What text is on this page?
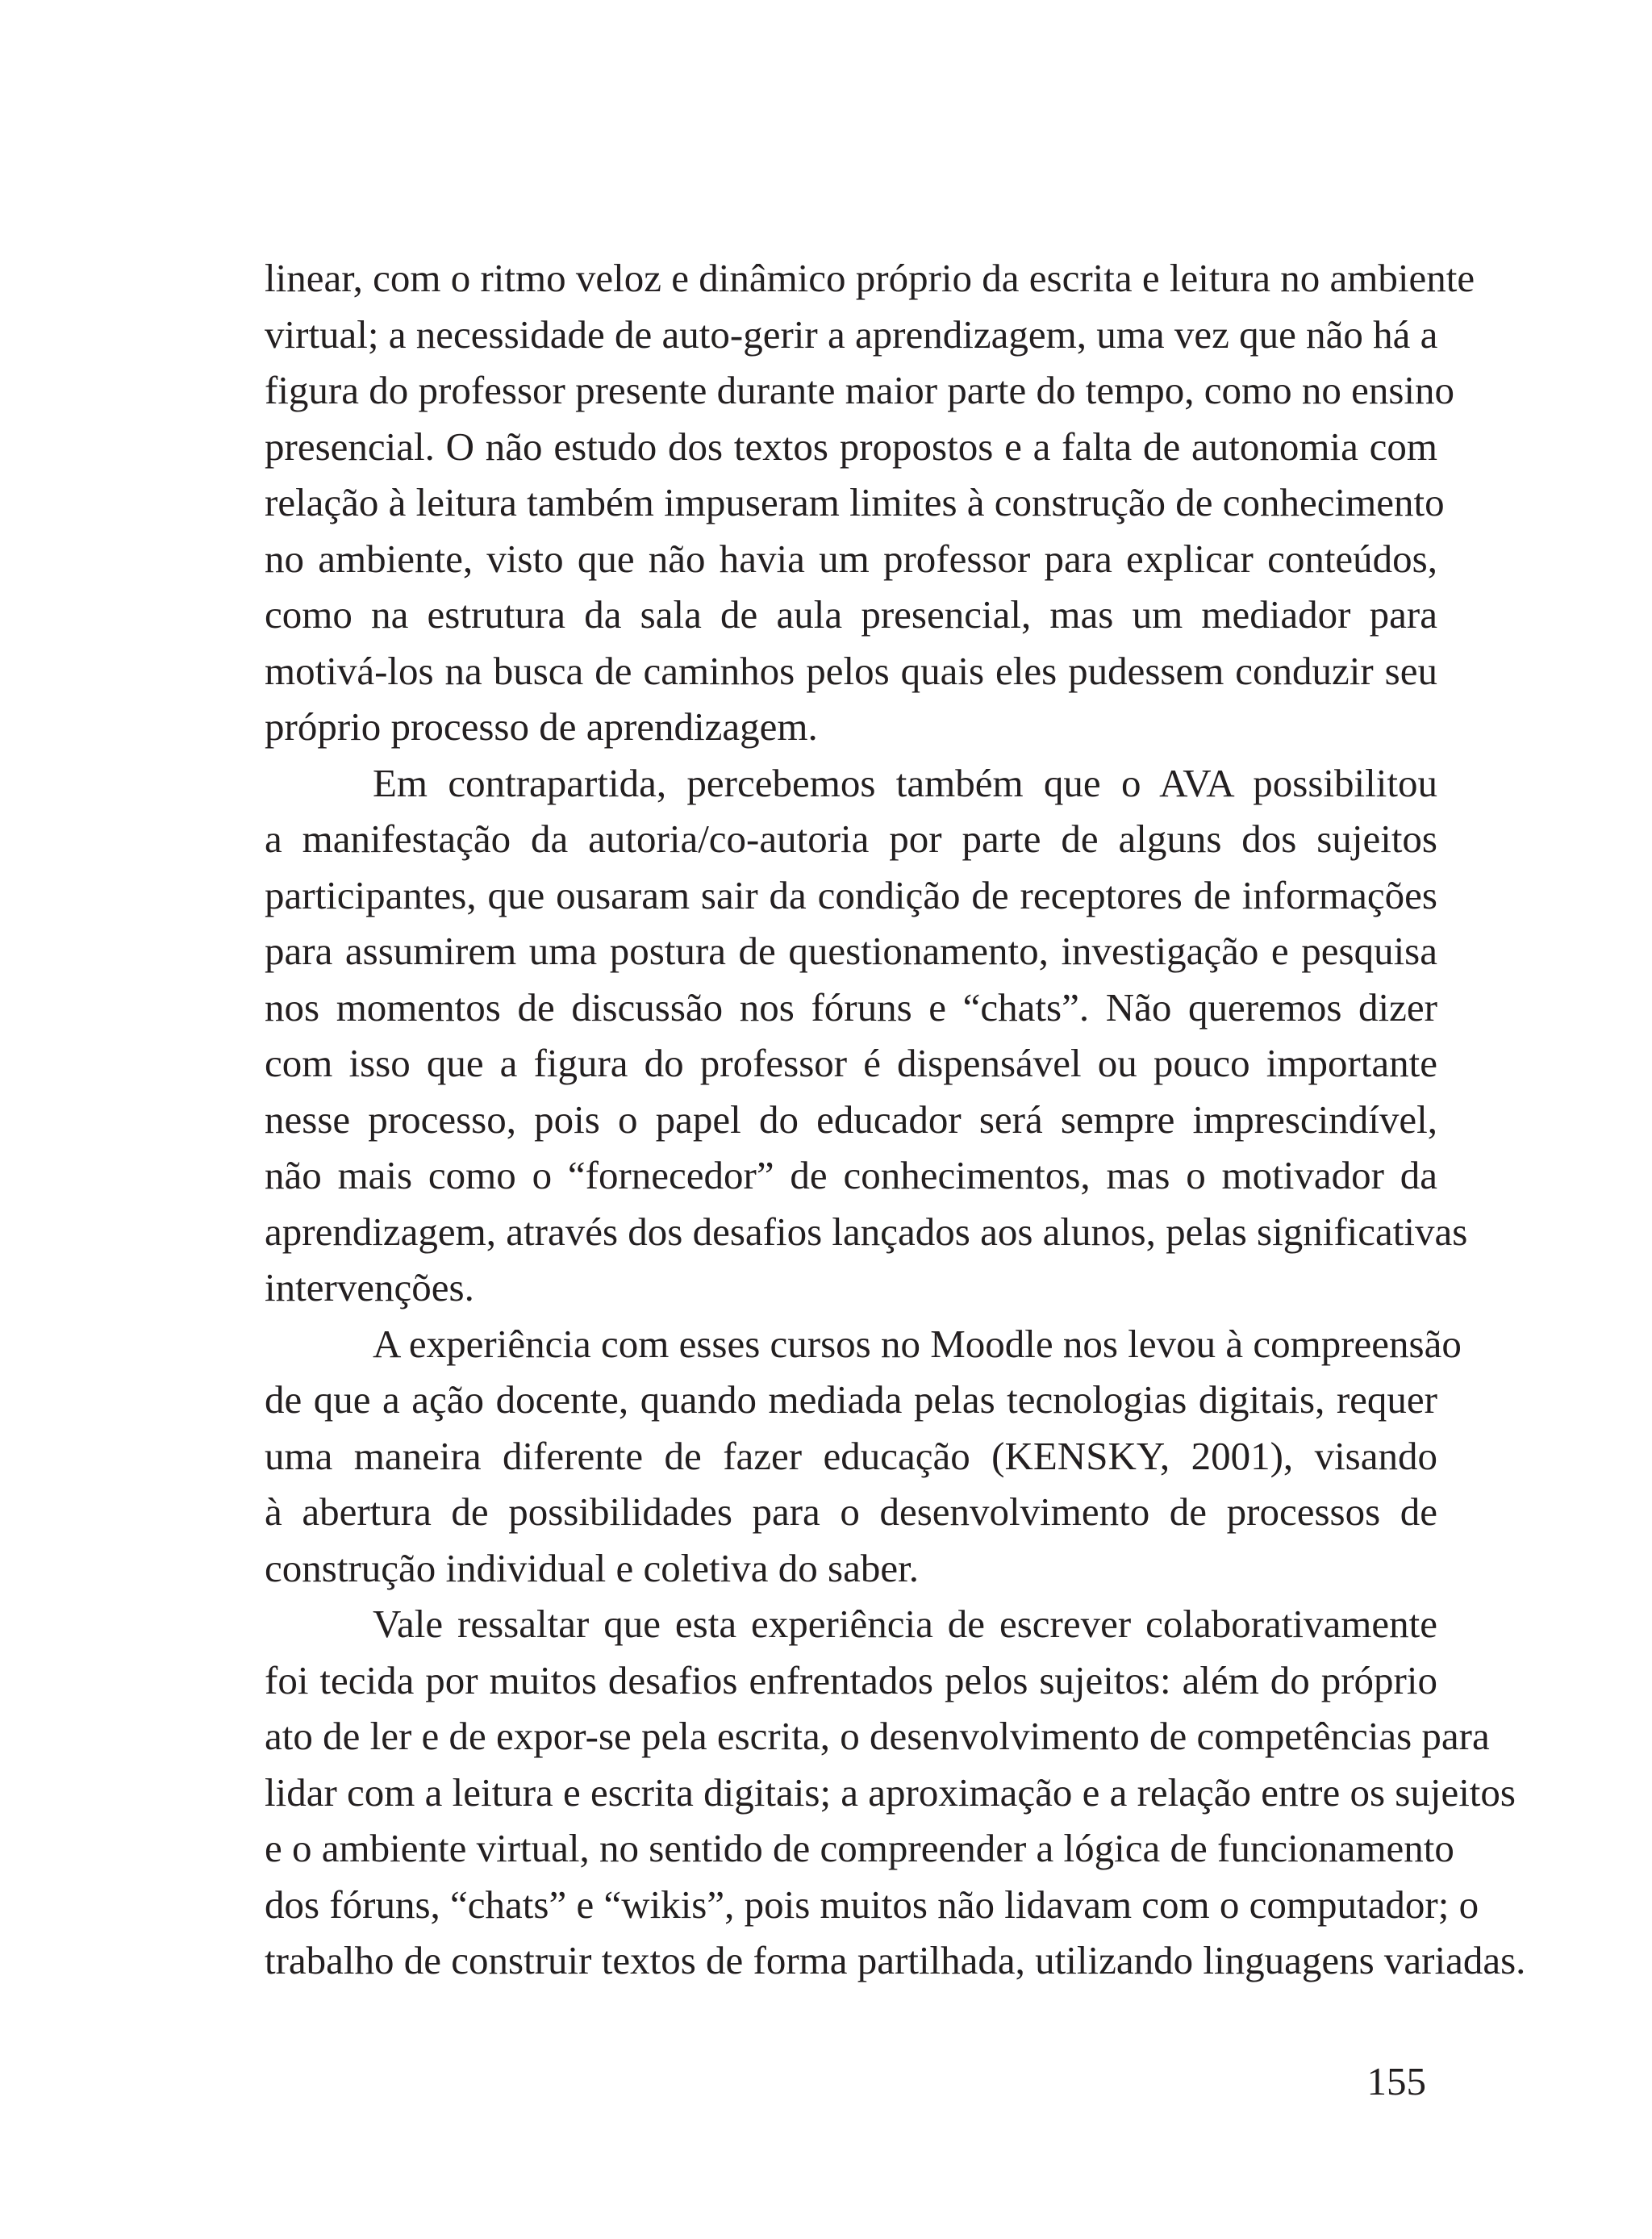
linear, com o ritmo veloz e dinâmico próprio da escrita e leitura no ambiente
virtual; a necessidade de auto-gerir a aprendizagem, uma vez que não há a
figura do professor presente durante maior parte do tempo, como no ensino
presencial. O não estudo dos textos propostos e a falta de autonomia com
relação à leitura também impuseram limites à construção de conhecimento
no ambiente, visto que não havia um professor para explicar conteúdos,
como na estrutura da sala de aula presencial, mas um mediador para
motivá-los na busca de caminhos pelos quais eles pudessem conduzir seu
próprio processo de aprendizagem.

Em contrapartida, percebemos também que o AVA possibilitou
a manifestação da autoria/co-autoria por parte de alguns dos sujeitos
participantes, que ousaram sair da condição de receptores de informações
para assumirem uma postura de questionamento, investigação e pesquisa
nos momentos de discussão nos fóruns e “chats”. Não queremos dizer
com isso que a figura do professor é dispensável ou pouco importante
nesse processo, pois o papel do educador será sempre imprescindível,
não mais como o “fornecedor” de conhecimentos, mas o motivador da
aprendizagem, através dos desafios lançados aos alunos, pelas significativas
intervenções.

A experiência com esses cursos no Moodle nos levou à compreensão
de que a ação docente, quando mediada pelas tecnologias digitais, requer
uma maneira diferente de fazer educação (KENSKY, 2001), visando
à abertura de possibilidades para o desenvolvimento de processos de
construção individual e coletiva do saber.

Vale ressaltar que esta experiência de escrever colaborativamente
foi tecida por muitos desafios enfrentados pelos sujeitos: além do próprio
ato de ler e de expor-se pela escrita, o desenvolvimento de competências para
lidar com a leitura e escrita digitais; a aproximação e a relação entre os sujeitos
e o ambiente virtual, no sentido de compreender a lógica de funcionamento
dos fóruns, “chats” e “wikis”, pois muitos não lidavam com o computador; o
trabalho de construir textos de forma partilhada, utilizando linguagens variadas.

155
